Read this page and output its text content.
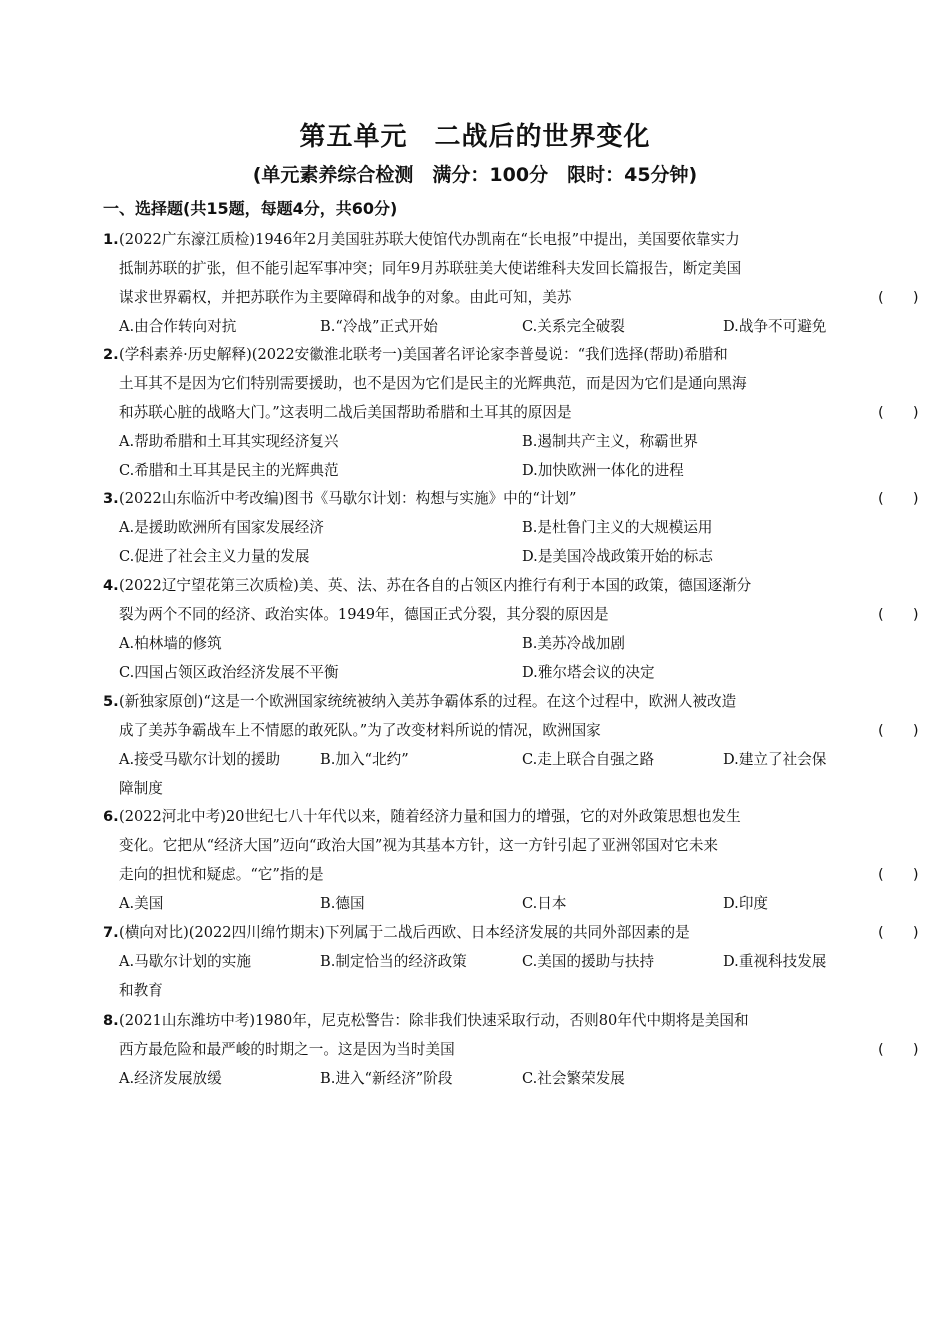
第五单元　二战后的世界变化
(单元素养综合检测　满分：100分　限时：45分钟)
一、选择题(共15题，每题4分，共60分)
1.(2022广东濠江质检)1946年2月美国驻苏联大使馆代办凯南在“长电报”中提出，美国要依靠实力
抵制苏联的扩张，但不能引起军事冲突；同年9月苏联驻美大使诺维科夫发回长篇报告，断定美国
谋求世界霸权，并把苏联作为主要障碍和战争的对象。由此可知，美苏	(　　)
A.由合作转向对抗	B.“冷战”正式开始	C.关系完全破裂	D.战争不可避免
2.(学科素养·历史解释)(2022安徽淮北联考一)美国著名评论家李普曼说：“我们选择(帮助)希腊和
土耳其不是因为它们特别需要援助，也不是因为它们是民主的光辉典范，而是因为它们是通向黑海
和苏联心脏的战略大门。”这表明二战后美国帮助希腊和土耳其的原因是	(　　)
A.帮助希腊和土耳其实现经济复兴	B.遏制共产主义，称霸世界
C.希腊和土耳其是民主的光辉典范	D.加快欧洲一体化的进程
3.(2022山东临沂中考改编)图书《马歇尔计划：构想与实施》中的“计划”	(　　)
A.是援助欧洲所有国家发展经济	B.是杜鲁门主义的大规模运用
C.促进了社会主义力量的发展	D.是美国冷战政策开始的标志
4.(2022辽宁望花第三次质检)美、英、法、苏在各自的占领区内推行有利于本国的政策，德国逐渐分
裂为两个不同的经济、政治实体。1949年，德国正式分裂，其分裂的原因是	(　　)
A.柏林墙的修筑	B.美苏冷战加剧
C.四国占领区政治经济发展不平衡	D.雅尔塔会议的决定
5.(新独家原创)“这是一个欧洲国家统统被纳入美苏争霸体系的过程。在这个过程中，欧洲人被改造
成了美苏争霸战车上不情愿的敢死队。”为了改变材料所说的情况，欧洲国家	(　　)
A.接受马歇尔计划的援助	B.加入“北约”	C.走上联合自强之路	D.建立了社会保
障制度
6.(2022河北中考)20世纪七八十年代以来，随着经济力量和国力的增强，它的对外政策思想也发生
变化。它把从“经济大国”迈向“政治大国”视为其基本方针，这一方针引起了亚洲邻国对它未来
走向的担忧和疑虑。“它”指的是	(　　)
A.美国	B.德国	C.日本	D.印度
7.(横向对比)(2022四川绵竹期末)下列属于二战后西欧、日本经济发展的共同外部因素的是	(　　)
A.马歇尔计划的实施	B.制定恰当的经济政策	C.美国的援助与扶持	D.重视科技发展
和教育
8.(2021山东潍坊中考)1980年，尼克松警告：除非我们快速采取行动，否则80年代中期将是美国和
西方最危险和最严峻的时期之一。这是因为当时美国	(　　)
A.经济发展放缓	B.进入“新经济”阶段	C.社会繁荣发展
